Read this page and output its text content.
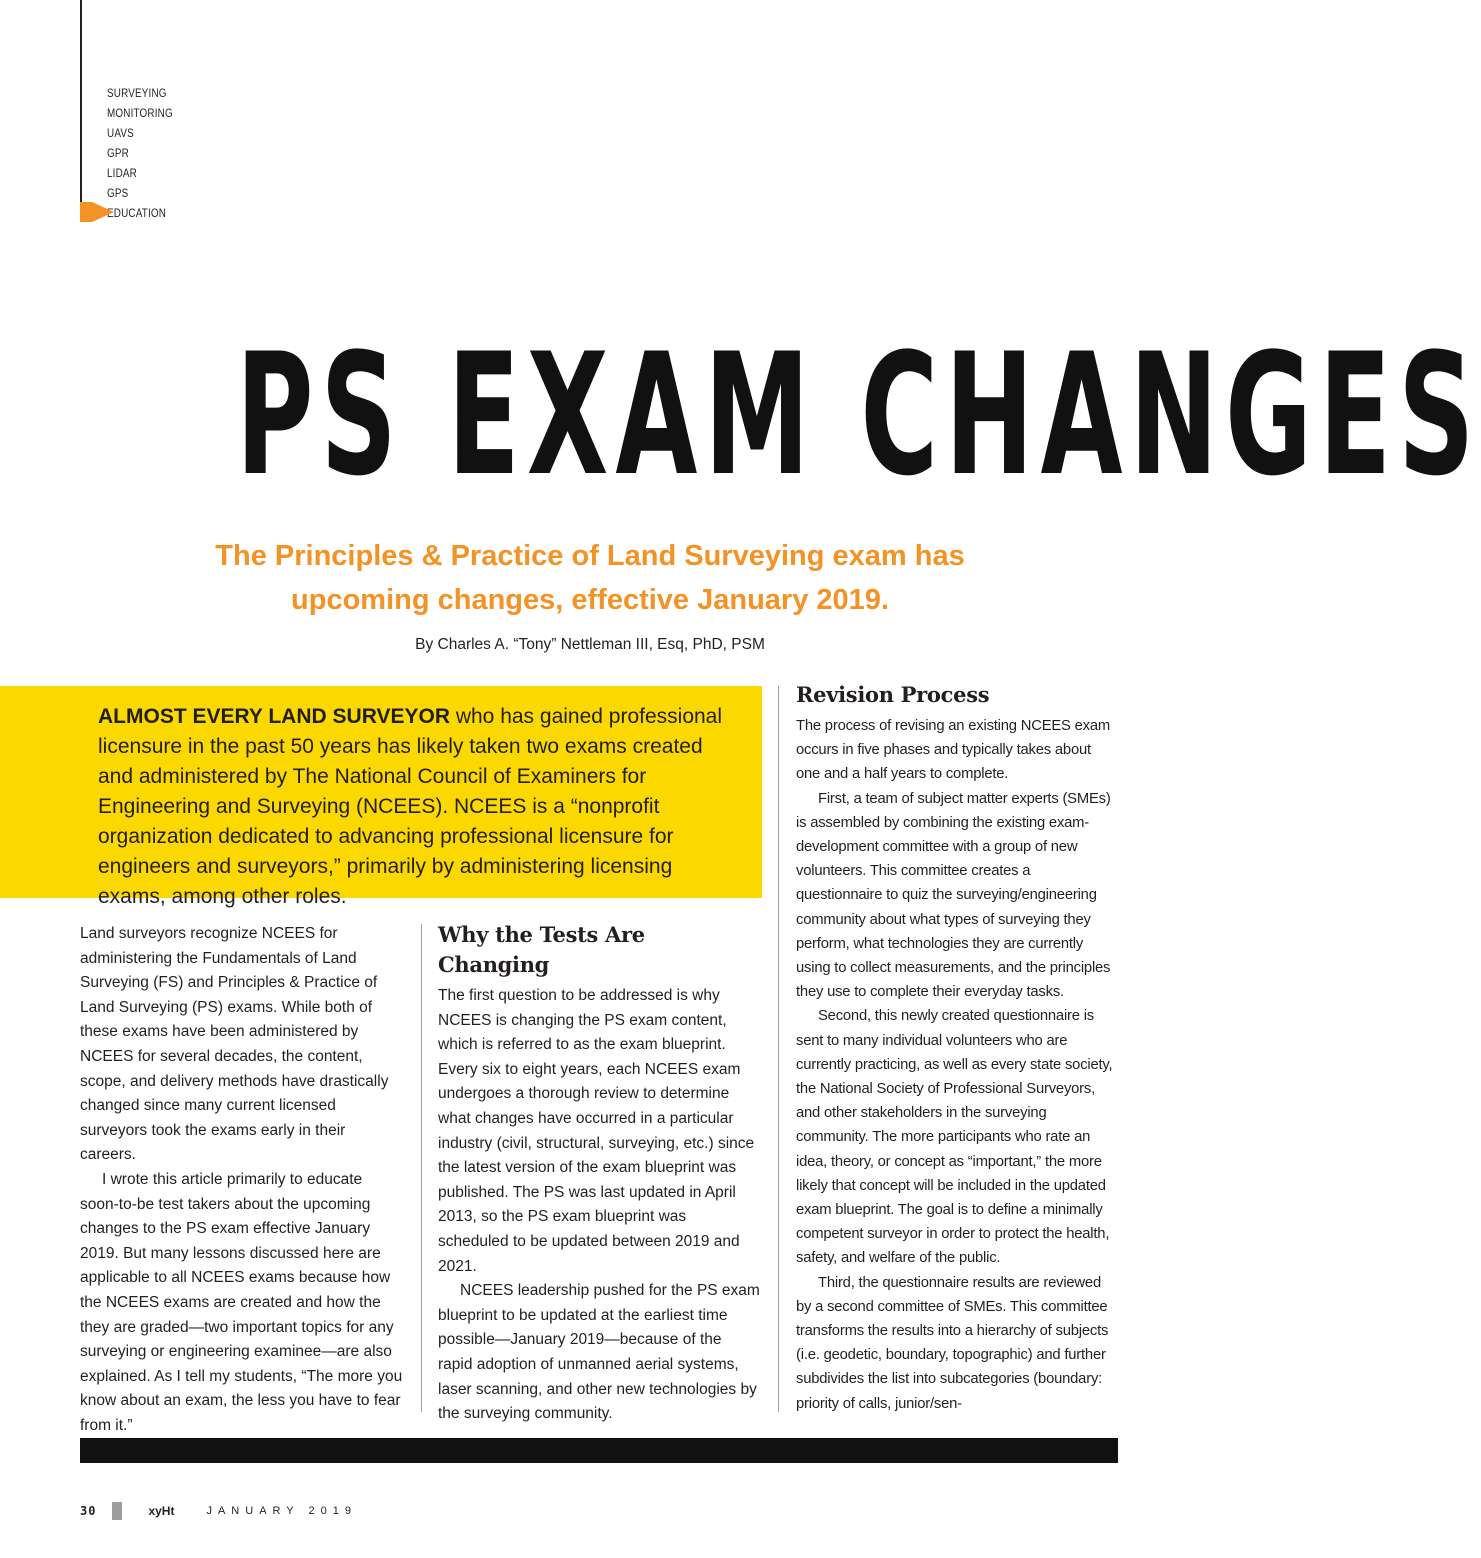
SURVEYING
MONITORING
UAVS
GPR
LIDAR
GPS
EDUCATION
PS EXAM CHANGES

The Principles & Practice of Land Surveying exam has upcoming changes, effective January 2019.

By Charles A. “Tony” Nettleman III, Esq, PhD, PSM

ALMOST EVERY LAND SURVEYOR who has gained professional licensure in the past 50 years has likely taken two exams created and administered by The National Council of Examiners for Engineering and Surveying (NCEES). NCEES is a “nonprofit organization dedicated to advancing professional licensure for engineers and surveyors,” primarily by administering licensing exams, among other roles.

Land surveyors recognize NCEES for administering the Fundamentals of Land Surveying (FS) and Principles & Practice of Land Surveying (PS) exams. While both of these exams have been administered by NCEES for several decades, the content, scope, and delivery methods have drastically changed since many current licensed surveyors took the exams early in their careers.

I wrote this article primarily to educate soon-to-be test takers about the upcoming changes to the PS exam effective January 2019. But many lessons discussed here are applicable to all NCEES exams because how the NCEES exams are created and how the they are graded—two important topics for any surveying or engineering examinee—are also explained. As I tell my students, “The more you know about an exam, the less you have to fear from it.”

Why the Tests Are Changing

The first question to be addressed is why NCEES is changing the PS exam content, which is referred to as the exam blueprint. Every six to eight years, each NCEES exam undergoes a thorough review to determine what changes have occurred in a particular industry (civil, structural, surveying, etc.) since the latest version of the exam blueprint was published. The PS was last updated in April 2013, so the PS exam blueprint was scheduled to be updated between 2019 and 2021.

NCEES leadership pushed for the PS exam blueprint to be updated at the earliest time possible—January 2019—because of the rapid adoption of unmanned aerial systems, laser scanning, and other new technologies by the surveying community.

Revision Process

The process of revising an existing NCEES exam occurs in five phases and typically takes about one and a half years to complete.

First, a team of subject matter experts (SMEs) is assembled by combining the existing exam-development committee with a group of new volunteers. This committee creates a questionnaire to quiz the surveying/engineering community about what types of surveying they perform, what technologies they are currently using to collect measurements, and the principles they use to complete their everyday tasks.

Second, this newly created questionnaire is sent to many individual volunteers who are currently practicing, as well as every state society, the National Society of Professional Surveyors, and other stakeholders in the surveying community. The more participants who rate an idea, theory, or concept as “important,” the more likely that concept will be included in the updated exam blueprint. The goal is to define a minimally competent surveyor in order to protect the health, safety, and welfare of the public.

Third, the questionnaire results are reviewed by a second committee of SMEs. This committee transforms the results into a hierarchy of subjects (i.e. geodetic, boundary, topographic) and further subdivides the list into subcategories (boundary: priority of calls, junior/sen-

30	xyHt	JANUARY 2019
